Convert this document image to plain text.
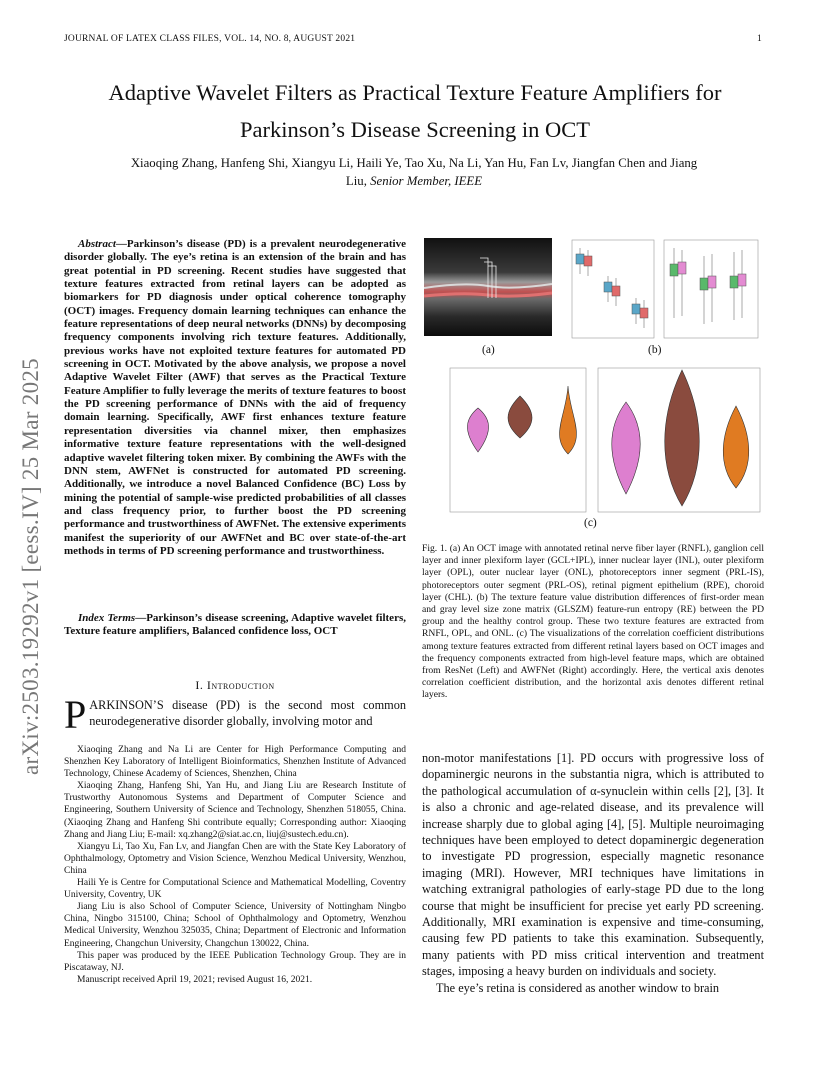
JOURNAL OF LATEX CLASS FILES, VOL. 14, NO. 8, AUGUST 2021	1
arXiv:2503.19292v1 [eess.IV] 25 Mar 2025
Adaptive Wavelet Filters as Practical Texture Feature Amplifiers for
Parkinson’s Disease Screening in OCT
Xiaoqing Zhang, Hanfeng Shi, Xiangyu Li, Haili Ye, Tao Xu, Na Li, Yan Hu, Fan Lv, Jiangfan Chen and Jiang
Liu, Senior Member, IEEE

Abstract—Parkinson’s disease (PD) is a prevalent neurodegenerative disorder globally. The eye’s retina is an extension of the brain and has great potential in PD screening. Recent studies have suggested that texture features extracted from retinal layers can be adopted as biomarkers for PD diagnosis under optical coherence tomography (OCT) images. Frequency domain learning techniques can enhance the feature representations of deep neural networks (DNNs) by decomposing frequency components involving rich texture features. Additionally, previous works have not exploited texture features for automated PD screening in OCT. Motivated by the above analysis, we propose a novel Adaptive Wavelet Filter (AWF) that serves as the Practical Texture Feature Amplifier to fully leverage the merits of texture features to boost the PD screening performance of DNNs with the aid of frequency domain learning. Specifically, AWF first enhances texture feature representation diversities via channel mixer, then emphasizes informative texture feature representations with the well-designed adaptive wavelet filtering token mixer. By combining the AWFs with the DNN stem, AWFNet is constructed for automated PD screening. Additionally, we introduce a novel Balanced Confidence (BC) Loss by mining the potential of sample-wise predicted probabilities of all classes and class frequency prior, to further boost the PD screening performance and trustworthiness of AWFNet. The extensive experiments manifest the superiority of our AWFNet and BC over state-of-the-art methods in terms of PD screening performance and trustworthiness.

Index Terms—Parkinson’s disease screening, Adaptive wavelet filters, Texture feature amplifiers, Balanced confidence loss, OCT

I. Introduction

PARKINSON’S disease (PD) is the second most common neurodegenerative disorder globally, involving motor and

Xiaoqing Zhang and Na Li are Center for High Performance Computing and Shenzhen Key Laboratory of Intelligent Bioinformatics, Shenzhen Institute of Advanced Technology, Chinese Academy of Sciences, Shenzhen, China

Xiaoqing Zhang, Hanfeng Shi, Yan Hu, and Jiang Liu are Research Institute of Trustworthy Autonomous Systems and Department of Computer Science and Engineering, Southern University of Science and Technology, Shenzhen 518055, China. (Xiaoqing Zhang and Hanfeng Shi contribute equally; Corresponding author: Xiaoqing Zhang and Jiang Liu; E-mail: xq.zhang2@siat.ac.cn, liuj@sustech.edu.cn).

Xiangyu Li, Tao Xu, Fan Lv, and Jiangfan Chen are with the State Key Laboratory of Ophthalmology, Optometry and Vision Science, Wenzhou Medical University, Wenzhou, China

Haili Ye is Centre for Computational Science and Mathematical Modelling, Coventry University, Coventry, UK

Jiang Liu is also School of Computer Science, University of Nottingham Ningbo China, Ningbo 315100, China; School of Ophthalmology and Optometry, Wenzhou Medical University, Wenzhou 325035, China; Department of Electronic and Information Engineering, Changchun University, Changchun 130022, China.

This paper was produced by the IEEE Publication Technology Group. They are in Piscataway, NJ.

Manuscript received April 19, 2021; revised August 16, 2021.

(a)	(b)
(c)

Fig. 1. (a) An OCT image with annotated retinal nerve fiber layer (RNFL), ganglion cell layer and inner plexiform layer (GCL+IPL), inner nuclear layer (INL), outer plexiform layer (OPL), outer nuclear layer (ONL), photoreceptors inner segment (PRL-IS), photoreceptors outer segment (PRL-OS), retinal pigment epithelium (RPE), choroid layer (CHL). (b) The texture feature value distribution differences of first-order mean and gray level size zone matrix (GLSZM) feature-run entropy (RE) between the PD group and the healthy control group. These two texture features are extracted from RNFL, OPL, and ONL. (c) The visualizations of the correlation coefficient distributions among texture features extracted from different retinal layers based on OCT images and the frequency components extracted from high-level feature maps, which are obtained from ResNet (Left) and AWFNet (Right) accordingly. Here, the vertical axis denotes correlation coefficient distribution, and the horizontal axis denotes different retinal layers.

non-motor manifestations [1]. PD occurs with progressive loss of dopaminergic neurons in the substantia nigra, which is attributed to the pathological accumulation of α-synuclein within cells [2], [3]. It is also a chronic and age-related disease, and its prevalence will increase sharply due to global aging [4], [5]. Multiple neuroimaging techniques have been employed to detect dopaminergic degeneration to investigate PD progression, especially magnetic resonance imaging (MRI). However, MRI techniques have limitations in watching extranigral pathologies of early-stage PD due to the long course that might be insufficient for precise yet early PD screening. Additionally, MRI examination is expensive and time-consuming, causing few PD patients to take this examination. Subsequently, many patients with PD miss critical intervention and treatment stages, imposing a heavy burden on individuals and society.

The eye’s retina is considered as another window to brain
